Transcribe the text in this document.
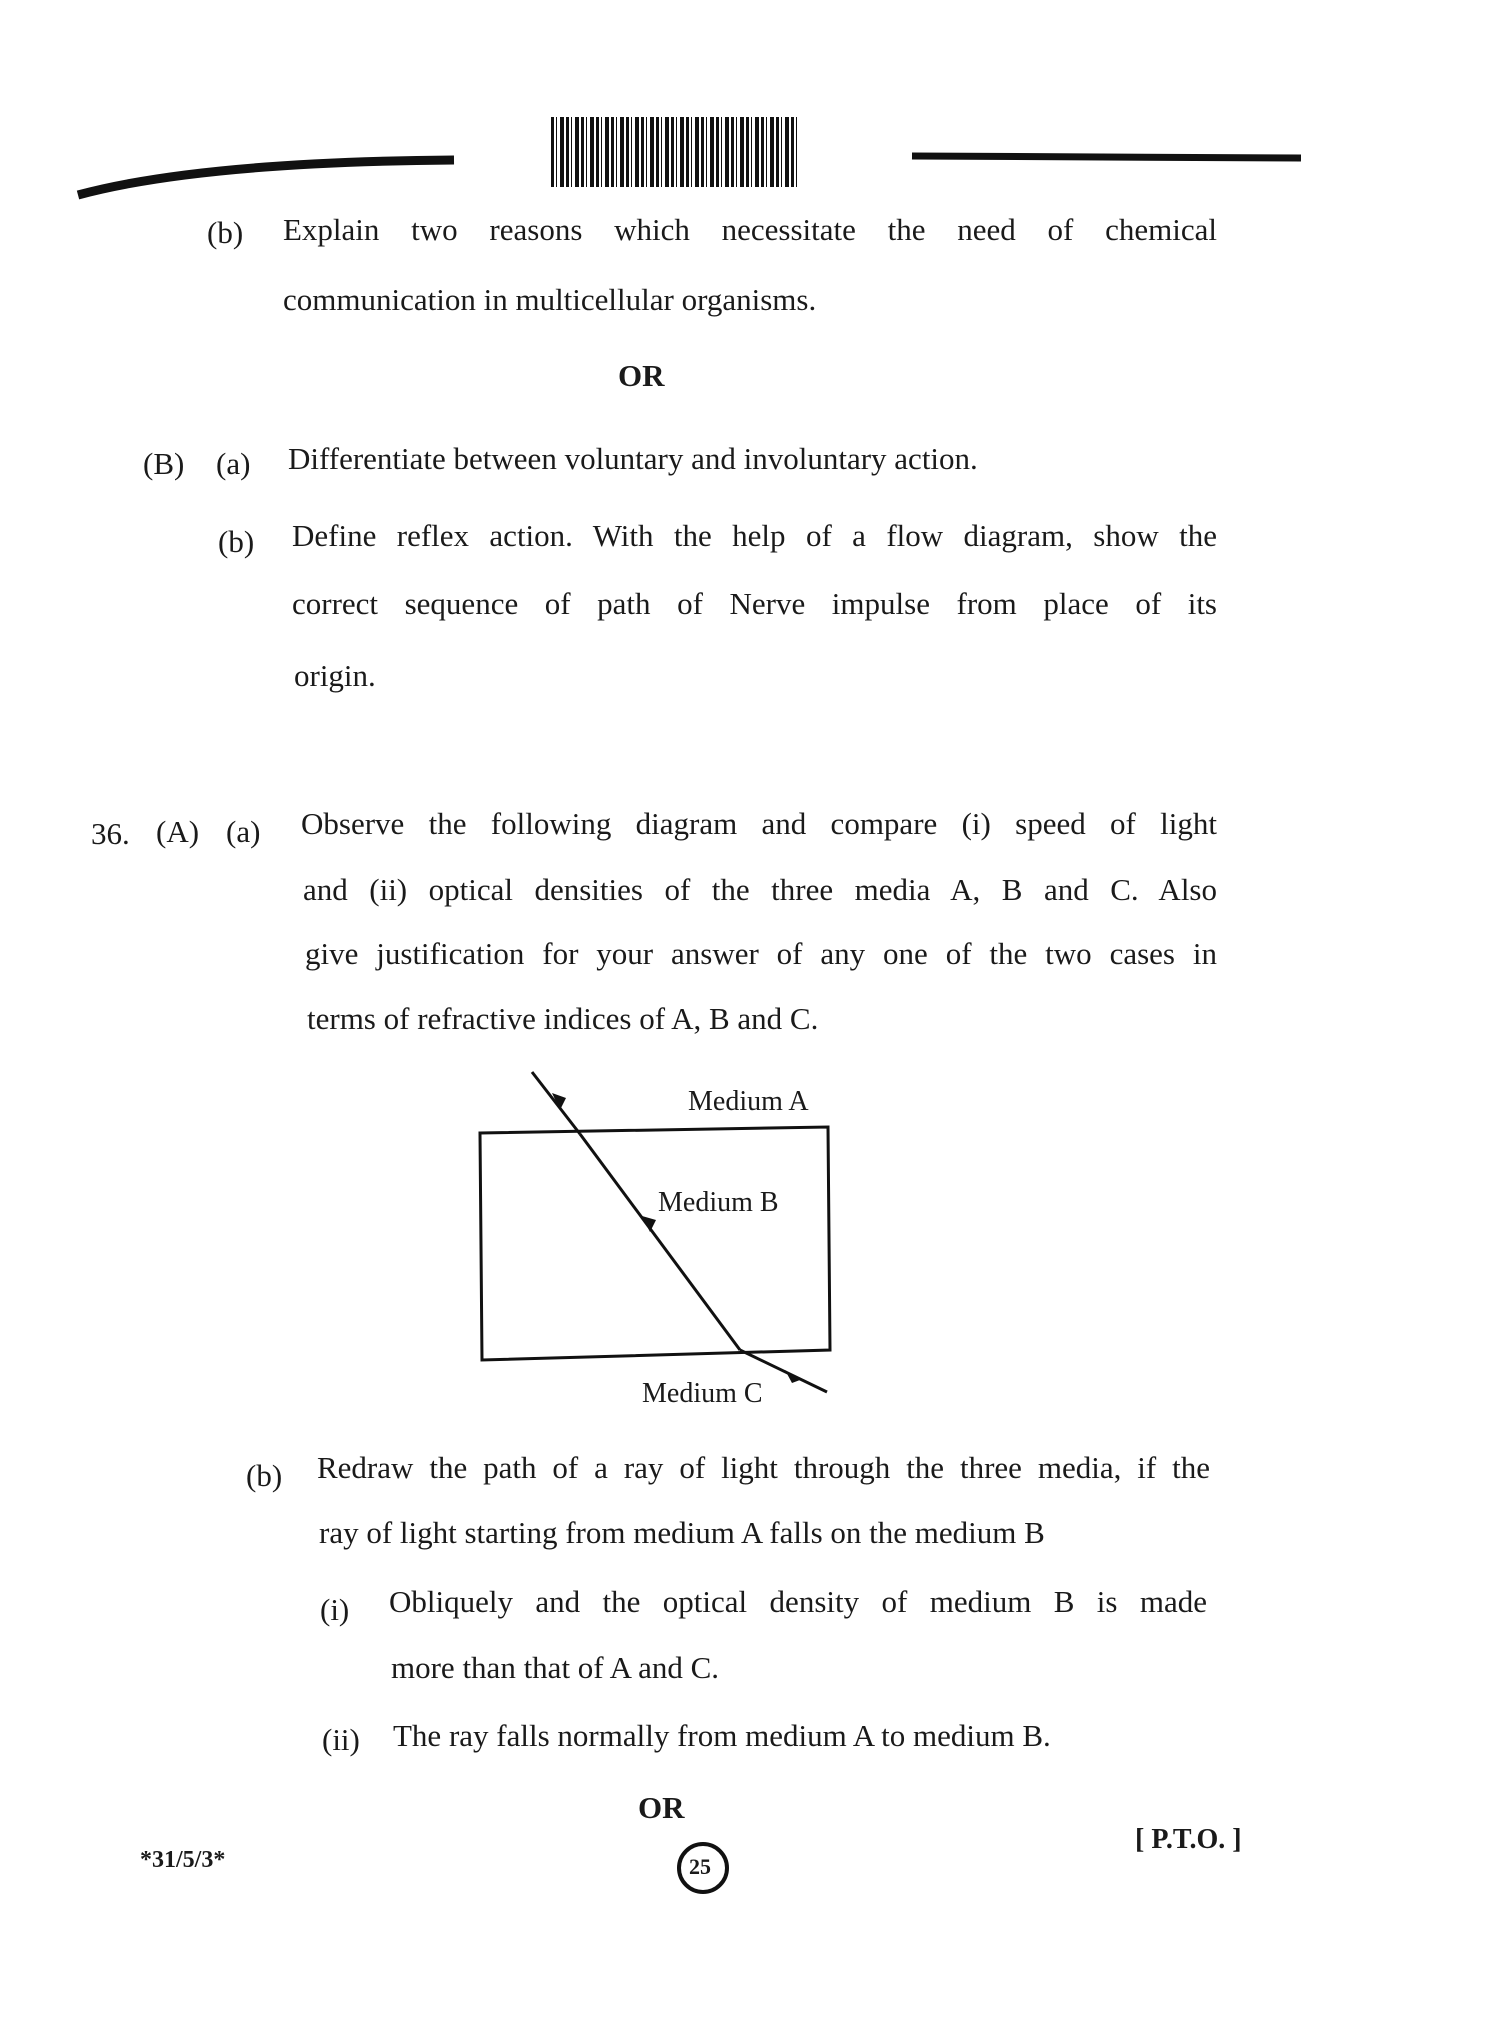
(b) Explain two reasons which necessitate the need of chemical
communication in multicellular organisms.
OR
(B) (a) Differentiate between voluntary and involuntary action.
(b) Define reflex action. With the help of a flow diagram, show the
correct sequence of path of Nerve impulse from place of its
origin.
36. (A) (a) Observe the following diagram and compare (i) speed of light
and (ii) optical densities of the three media A, B and C. Also
give justification for your answer of any one of the two cases in
terms of refractive indices of A, B and C.
Medium A
Medium B
Medium C
(b) Redraw the path of a ray of light through the three media, if the
ray of light starting from medium A falls on the medium B
(i) Obliquely and the optical density of medium B is made
more than that of A and C.
(ii) The ray falls normally from medium A to medium B.
OR
*31/5/3*	25
[ P.T.O. ]
